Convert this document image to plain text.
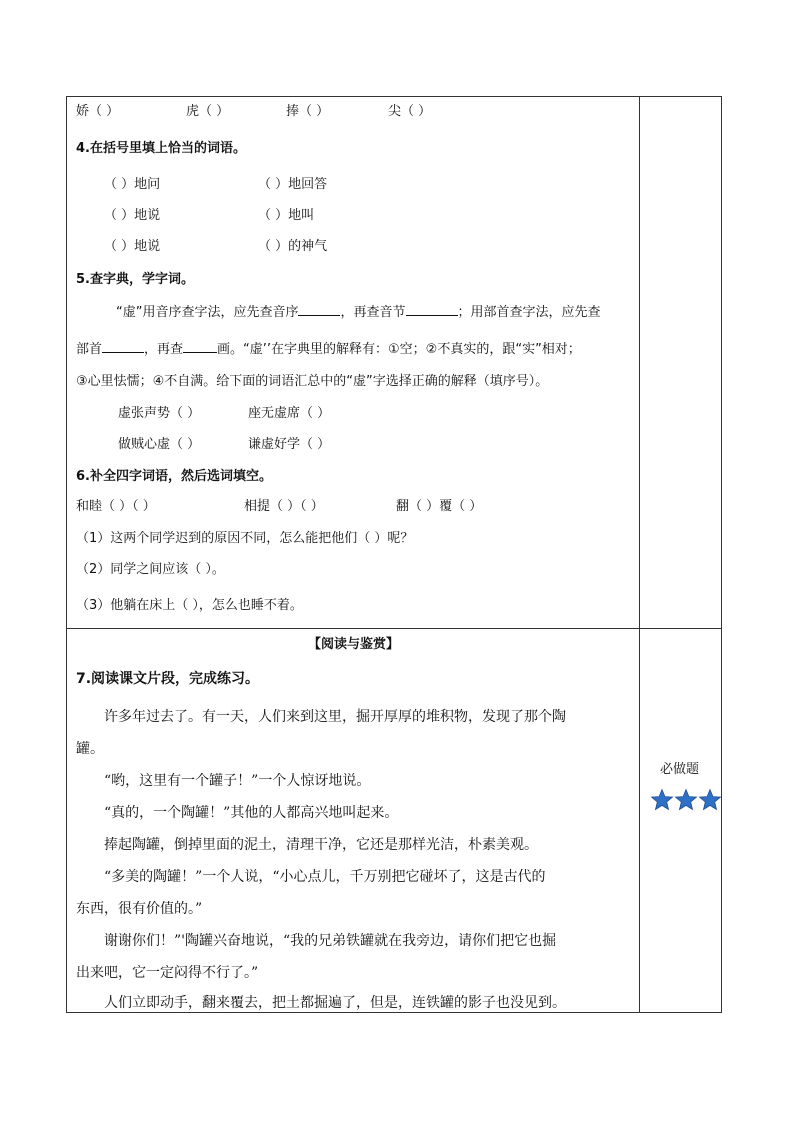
娇（ ）	虎（ ）	捧（ ）	尖（ ）
4.在括号里填上恰当的词语。
（ ）地问	（ ）地回答
（ ）地说	（ ）地叫
（ ）地说	（ ）的神气
5.查字典，学字词。
“虚”用音序查字法，应先查音序	，再查音节	；用部首查字法，应先查
部首	，再查	画。“虚’’在字典里的解释有：①空；②不真实的，跟“实”相对；
③心里怯懦；④不自满。给下面的词语汇总中的“虚”字选择正确的解释（填序号）。
虚张声势（ ）	座无虚席（ ）
做贼心虚（ ）	谦虚好学（ ）
6.补全四字词语，然后选词填空。
和睦（ ）（ ）	相提（ ）（ ）	翻（ ）覆（ ）
（1）这两个同学迟到的原因不同，怎么能把他们（ ）呢？
（2）同学之间应该（ ）。
（3）他躺在床上（ ），怎么也睡不着。
【阅读与鉴赏】
7.阅读课文片段，完成练习。
许多年过去了。有一天，人们来到这里，掘开厚厚的堆积物，发现了那个陶
罐。
“哟，这里有一个罐子！”一个人惊讶地说。
“真的，一个陶罐！”其他的人都高兴地叫起来。
捧起陶罐，倒掉里面的泥土，清理干净，它还是那样光洁，朴素美观。
“多美的陶罐！”一个人说，“小心点儿，千万别把它碰坏了，这是古代的
东西，很有价值的。”
谢谢你们！”'陶罐兴奋地说，“我的兄弟铁罐就在我旁边，请你们把它也掘
出来吧，它一定闷得不行了。”
人们立即动手，翻来覆去，把土都掘遍了，但是，连铁罐的影子也没见到。
必做题
